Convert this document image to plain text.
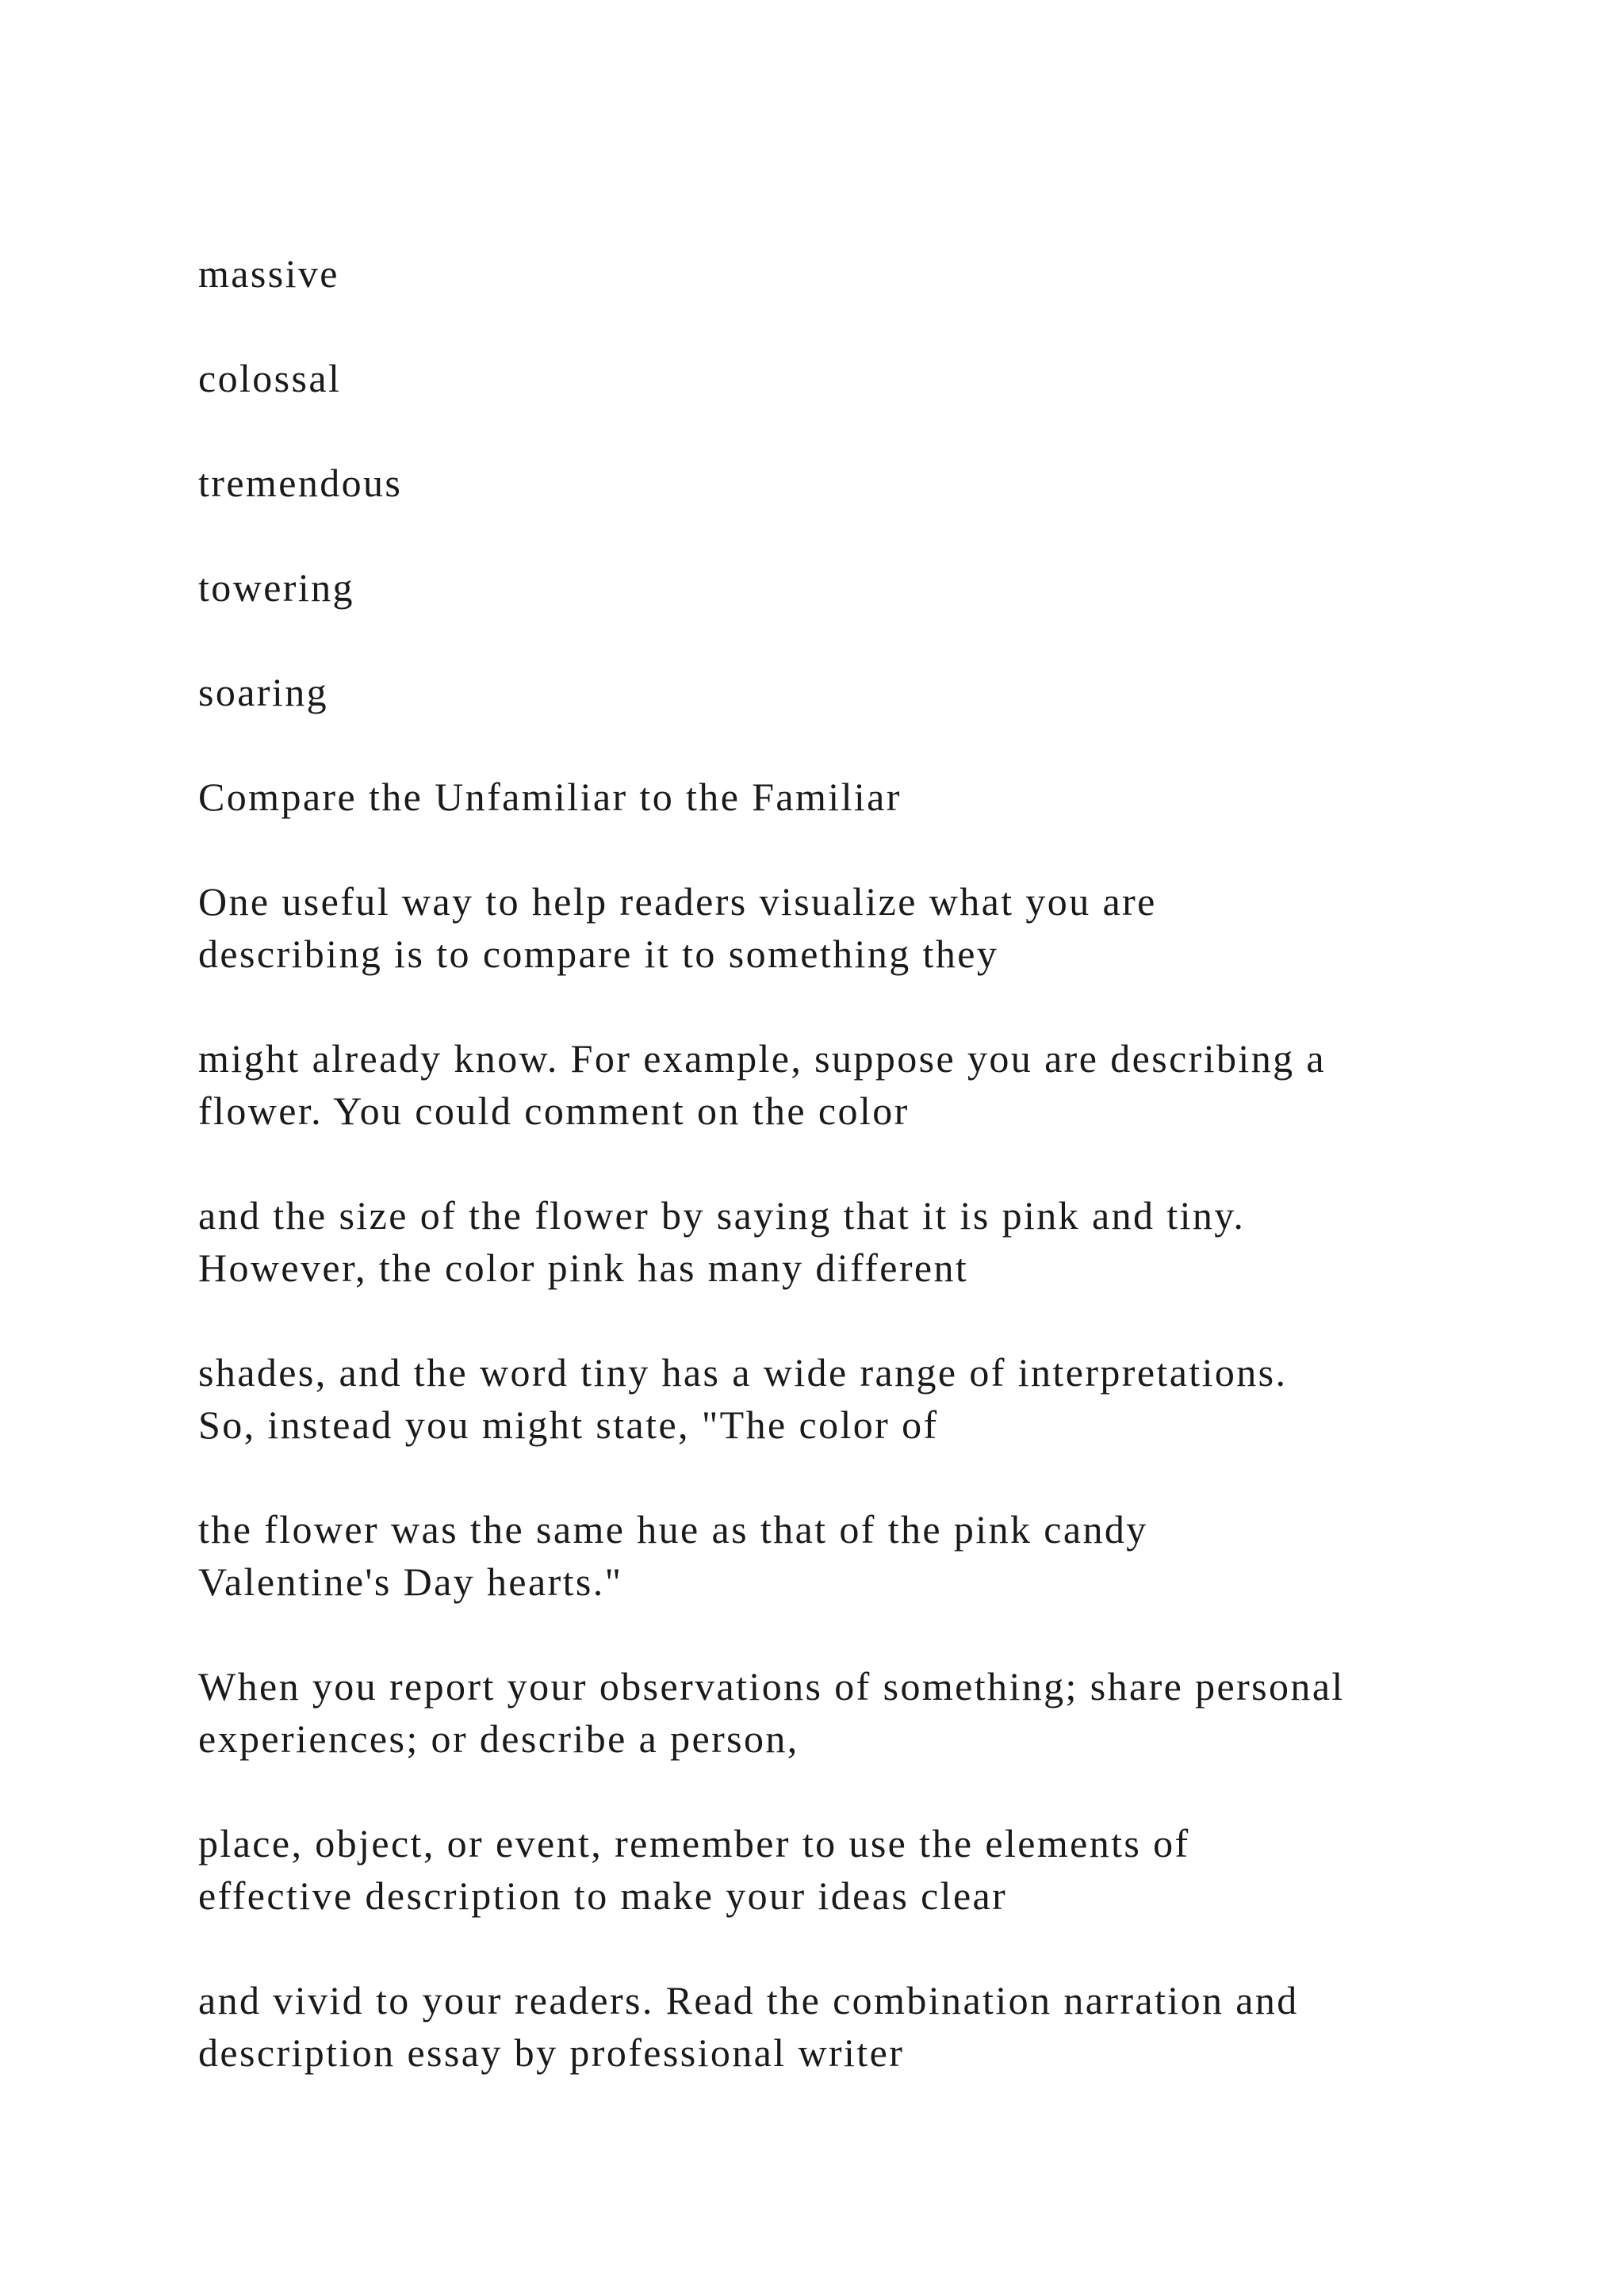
massive

colossal

tremendous

towering

soaring

Compare the Unfamiliar to the Familiar

One useful way to help readers visualize what you are
describing is to compare it to something they

might already know. For example, suppose you are describing a
flower. You could comment on the color

and the size of the flower by saying that it is pink and tiny.
However, the color pink has many different

shades, and the word tiny has a wide range of interpretations.
So, instead you might state, "The color of

the flower was the same hue as that of the pink candy
Valentine's Day hearts."

When you report your observations of something; share personal
experiences; or describe a person,

place, object, or event, remember to use the elements of
effective description to make your ideas clear

and vivid to your readers. Read the combination narration and
description essay by professional writer
